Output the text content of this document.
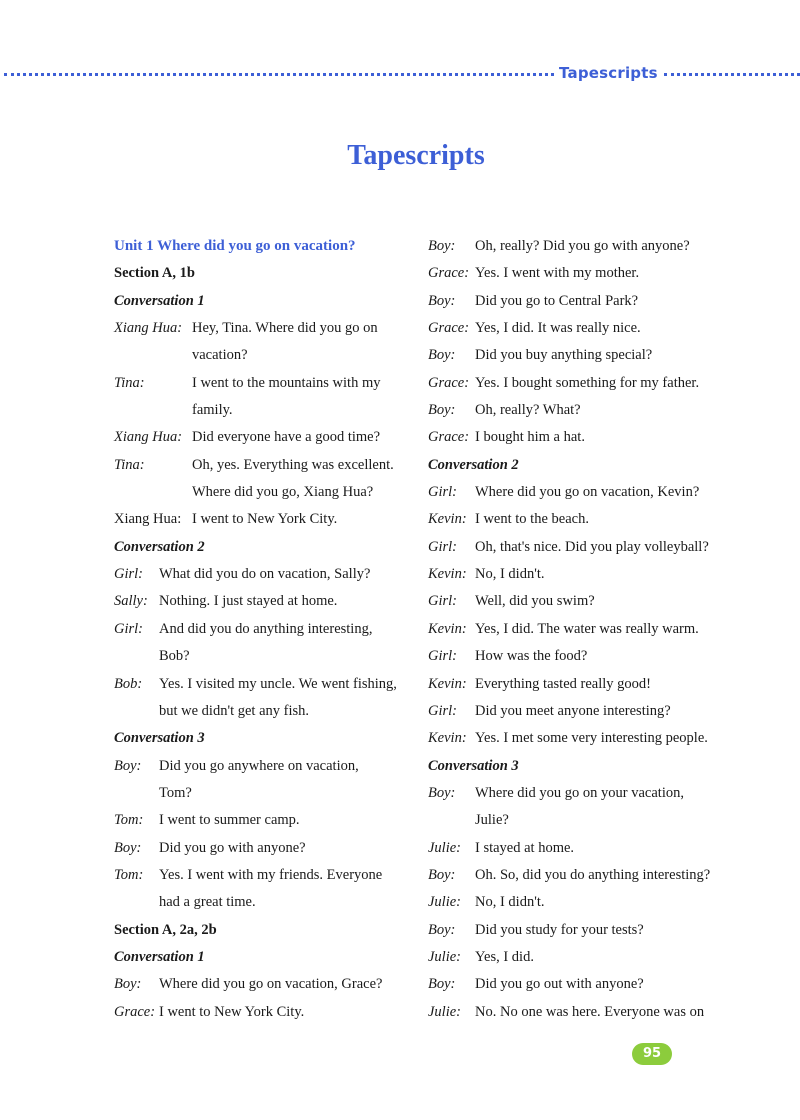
Tapescripts
Tapescripts
Unit 1 Where did you go on vacation?
Section A, 1b
Conversation 1
Xiang Hua: Hey, Tina. Where did you go on
vacation?
Tina:	I went to the mountains with my
family.
Xiang Hua: Did everyone have a good time?
Tina:	Oh, yes. Everything was excellent.
Where did you go, Xiang Hua?
Xiang Hua: I went to New York City.
Conversation 2
Girl: What did you do on vacation, Sally?
Sally: Nothing. I just stayed at home.
Girl: And did you do anything interesting,
Bob?
Bob: Yes. I visited my uncle. We went fishing,
but we didn't get any fish.
Conversation 3
Boy: Did you go anywhere on vacation,
Tom?
Tom: I went to summer camp.
Boy: Did you go with anyone?
Tom: Yes. I went with my friends. Everyone
had a great time.
Section A, 2a, 2b
Conversation 1
Boy: Where did you go on vacation, Grace?
Grace: I went to New York City.
Boy: Oh, really? Did you go with anyone?
Grace: Yes. I went with my mother.
Boy: Did you go to Central Park?
Grace: Yes, I did. It was really nice.
Boy: Did you buy anything special?
Grace: Yes. I bought something for my father.
Boy: Oh, really? What?
Grace: I bought him a hat.
Conversation 2
Girl: Where did you go on vacation, Kevin?
Kevin: I went to the beach.
Girl: Oh, that's nice. Did you play volleyball?
Kevin: No, I didn't.
Girl: Well, did you swim?
Kevin: Yes, I did. The water was really warm.
Girl: How was the food?
Kevin: Everything tasted really good!
Girl: Did you meet anyone interesting?
Kevin: Yes. I met some very interesting people.
Conversation 3
Boy: Where did you go on your vacation,
Julie?
Julie: I stayed at home.
Boy: Oh. So, did you do anything interesting?
Julie: No, I didn't.
Boy: Did you study for your tests?
Julie: Yes, I did.
Boy: Did you go out with anyone?
Julie: No. No one was here. Everyone was on
95
